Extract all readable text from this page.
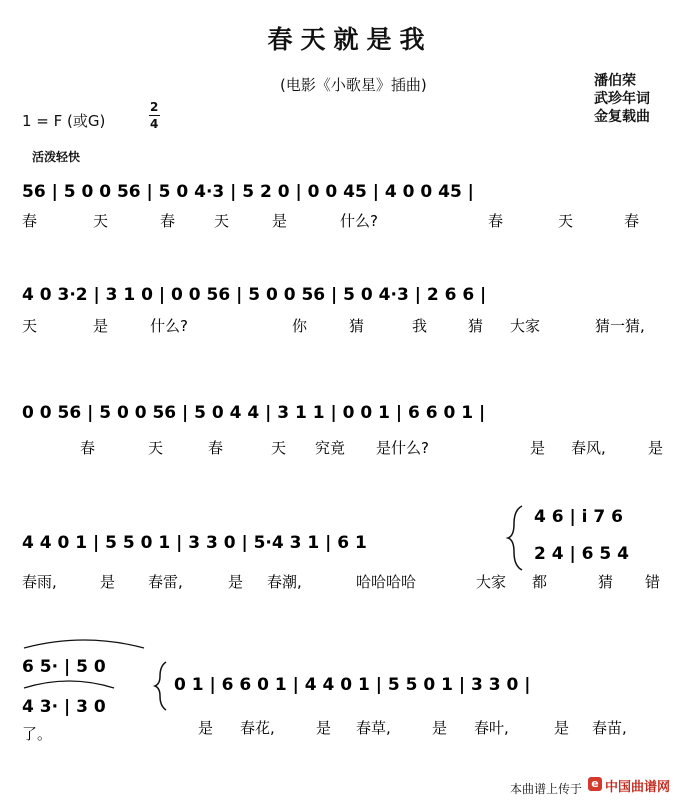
春天就是我
(电影《小歌星》插曲)	潘伯荣
武珍年词
金复载曲
1 = F (或G)
2
4
活泼轻快
56 | 5 0 0 56 | 5 0 4·3 | 5 2 0 | 0 0 45 | 4 0 0 45 |
春	天	春	天	是	什么?	春	天	春
4 0 3·2 | 3 1 0 | 0 0 56 | 5 0 0 56 | 5 0 4·3 | 2 6 6 |
天	是	什么?	你	猜	我	猜 大家	猜一猜,
0 0 56 | 5 0 0 56 | 5 0 4 4 | 3 1 1 | 0 0 1 | 6 6 0 1 |
春	天	春	天 究竟 是什么?	是 春风,	是
4 4 0 1 | 5 5 0 1 | 3 3 0 | 5·4 3 1 | 6 1
4 6 | i 7 6
2 4 | 6 5 4
春雨,	是 春雷,	是 春潮,	哈哈哈哈	大家 都	猜 错
6 5· | 5 0
4 3· | 3 0
0 1 | 6 6 0 1 | 4 4 0 1 | 5 5 0 1 | 3 3 0 |
了。	是 春花,	是 春草,	是 春叶,	是 春苗,
本曲谱上传于 e 中国曲谱网
